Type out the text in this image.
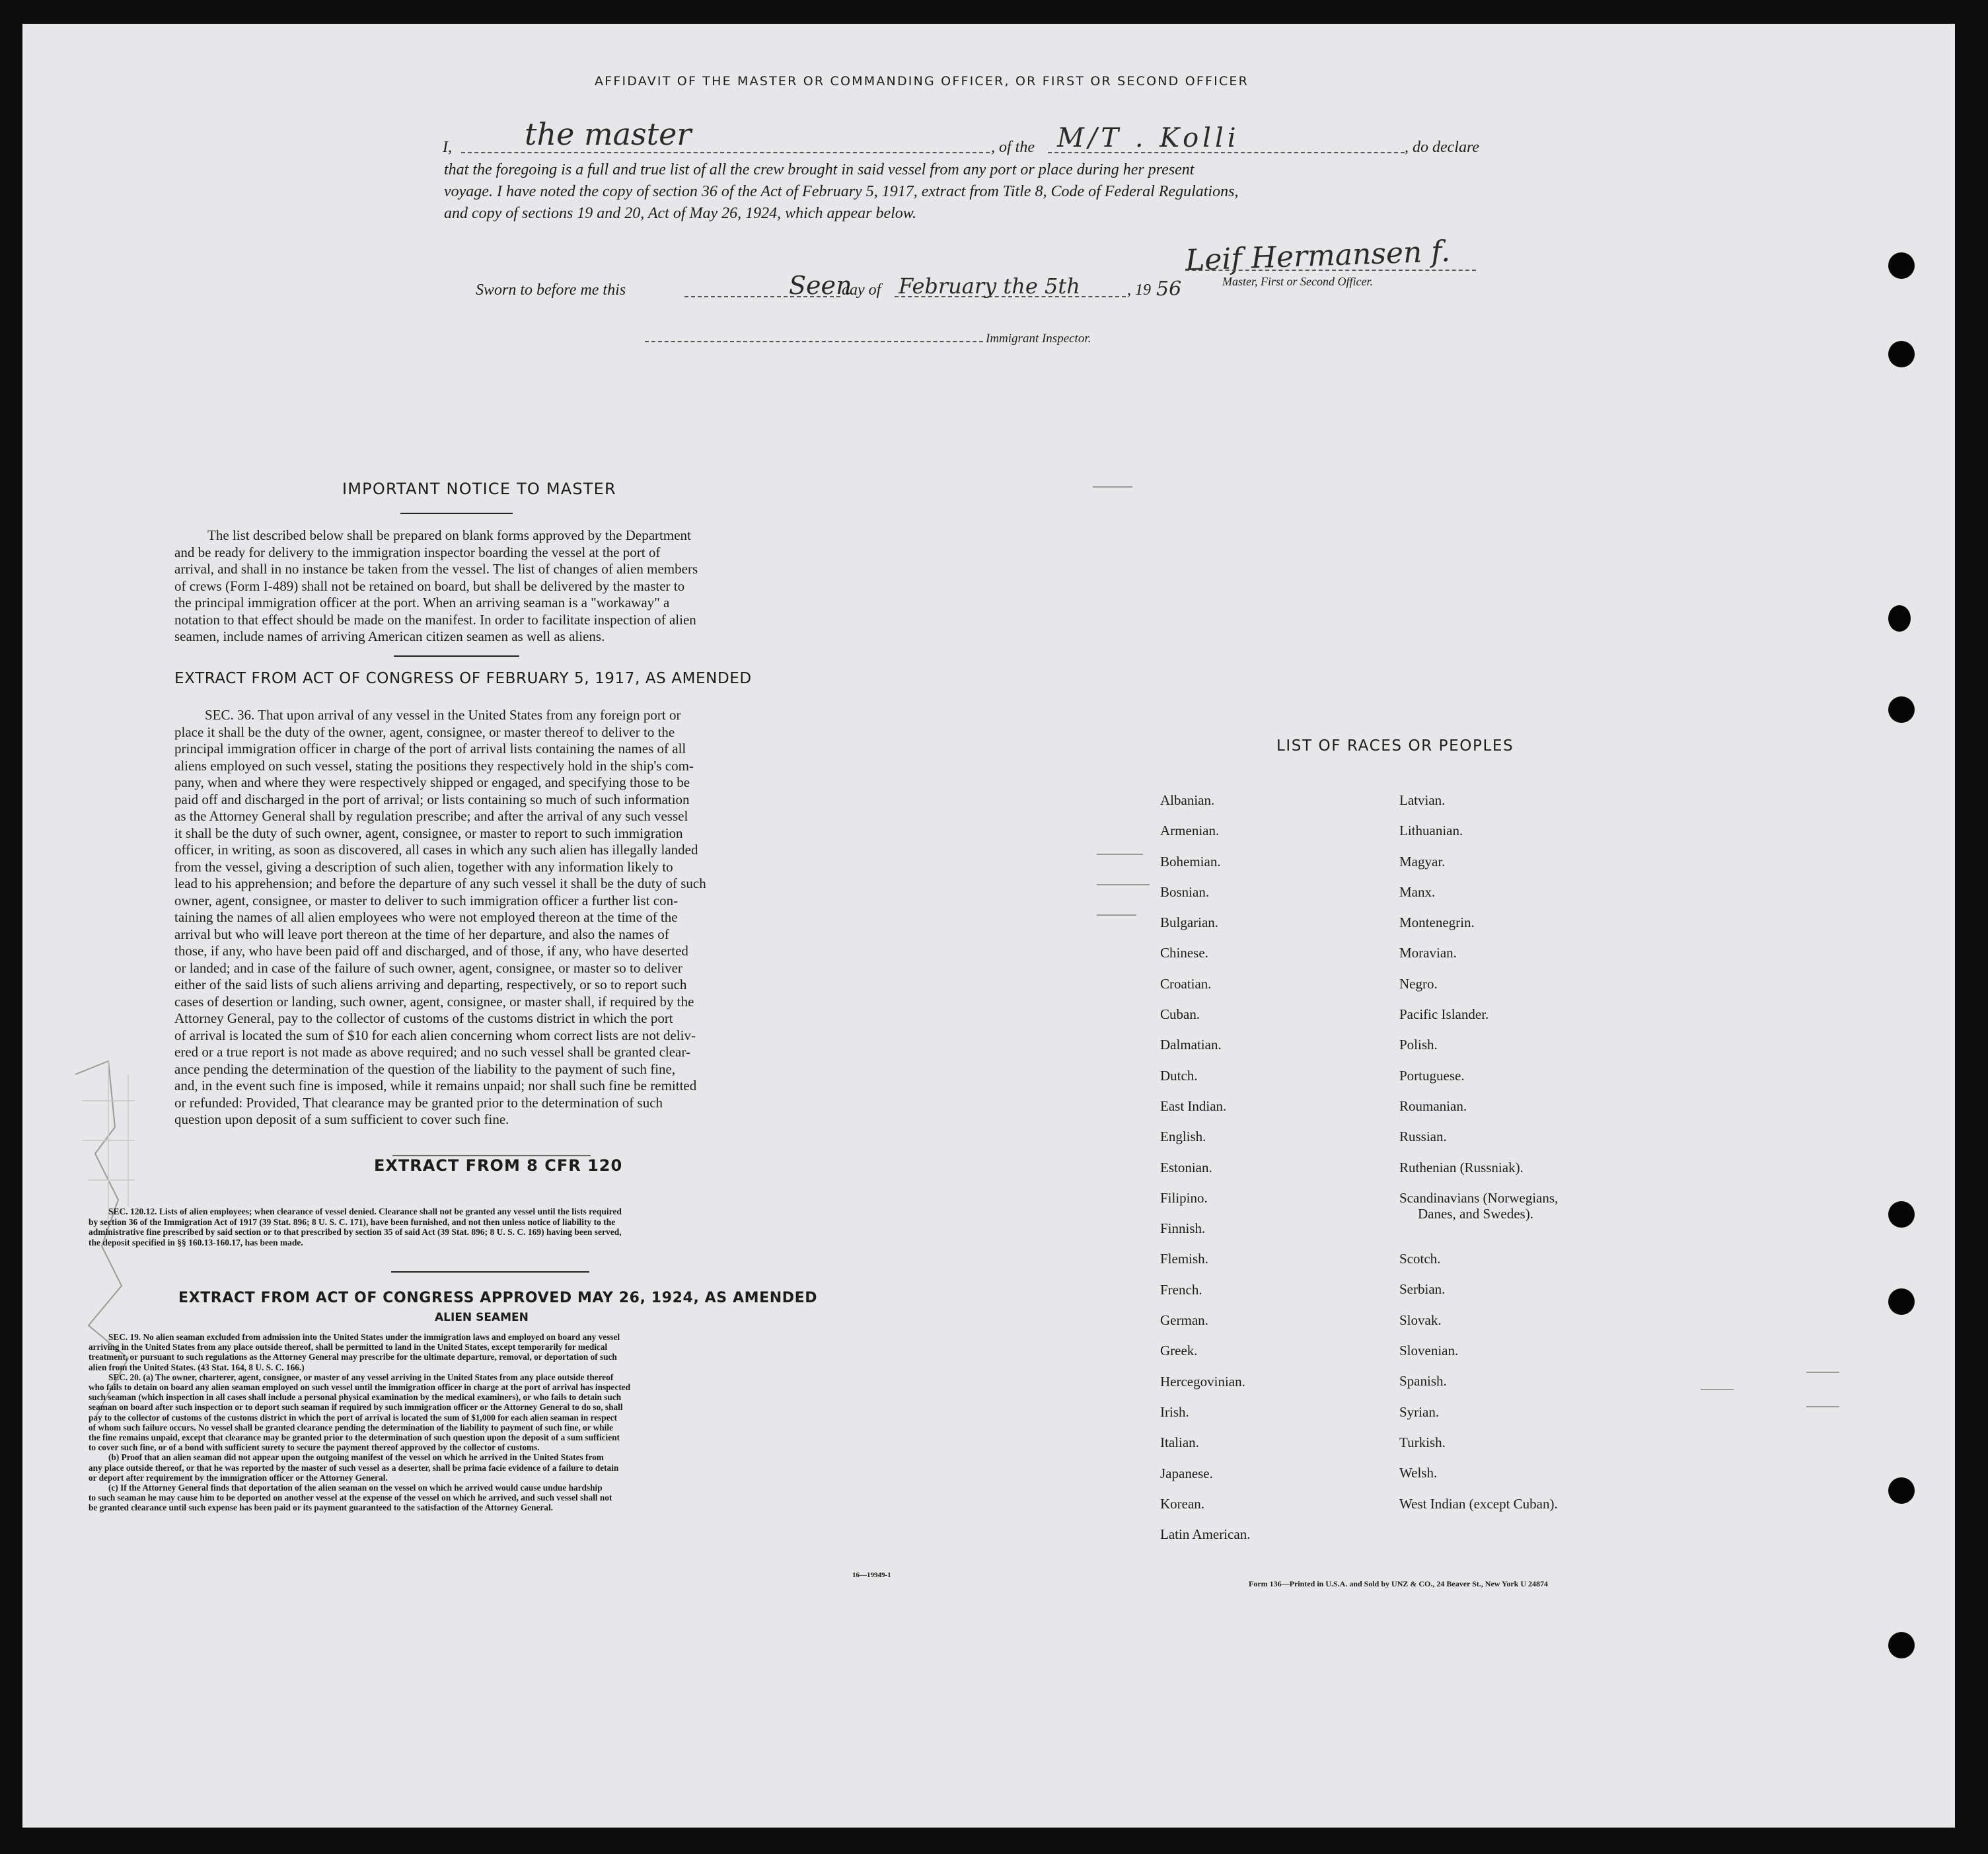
AFFIDAVIT OF THE MASTER OR COMMANDING OFFICER, OR FIRST OR SECOND OFFICER
I, the master	, of the M/T . Kolli	, do declare
that the foregoing is a full and true list of all the crew brought in said vessel from any port or place during her present
voyage. I have noted the copy of section 36 of the Act of February 5, 1917, extract from Title 8, Code of Federal Regulations,
and copy of sections 19 and 20, Act of May 26, 1924, which appear below.
Leif Hermansen f.
Master, First or Second Officer.
Sworn to before me this	Seen
day of February the 5th	, 19 56
Immigrant Inspector.
IMPORTANT NOTICE TO MASTER
The list described below shall be prepared on blank forms approved by the Department
and be ready for delivery to the immigration inspector boarding the vessel at the port of
arrival, and shall in no instance be taken from the vessel. The list of changes of alien members
of crews (Form I-489) shall not be retained on board, but shall be delivered by the master to
the principal immigration officer at the port. When an arriving seaman is a "workaway" a
notation to that effect should be made on the manifest. In order to facilitate inspection of alien
seamen, include names of arriving American citizen seamen as well as aliens.
EXTRACT FROM ACT OF CONGRESS OF FEBRUARY 5, 1917, AS AMENDED
SEC. 36. That upon arrival of any vessel in the United States from any foreign port or
place it shall be the duty of the owner, agent, consignee, or master thereof to deliver to the
principal immigration officer in charge of the port of arrival lists containing the names of all
aliens employed on such vessel, stating the positions they respectively hold in the ship's com-
pany, when and where they were respectively shipped or engaged, and specifying those to be
paid off and discharged in the port of arrival; or lists containing so much of such information
as the Attorney General shall by regulation prescribe; and after the arrival of any such vessel
it shall be the duty of such owner, agent, consignee, or master to report to such immigration
officer, in writing, as soon as discovered, all cases in which any such alien has illegally landed
from the vessel, giving a description of such alien, together with any information likely to
lead to his apprehension; and before the departure of any such vessel it shall be the duty of such
owner, agent, consignee, or master to deliver to such immigration officer a further list con-
taining the names of all alien employees who were not employed thereon at the time of the
arrival but who will leave port thereon at the time of her departure, and also the names of
those, if any, who have been paid off and discharged, and of those, if any, who have deserted
or landed; and in case of the failure of such owner, agent, consignee, or master so to deliver
either of the said lists of such aliens arriving and departing, respectively, or so to report such
cases of desertion or landing, such owner, agent, consignee, or master shall, if required by the
Attorney General, pay to the collector of customs of the customs district in which the port
of arrival is located the sum of $10 for each alien concerning whom correct lists are not deliv-
ered or a true report is not made as above required; and no such vessel shall be granted clear-
ance pending the determination of the question of the liability to the payment of such fine,
and, in the event such fine is imposed, while it remains unpaid; nor shall such fine be remitted
or refunded: Provided, That clearance may be granted prior to the determination of such
question upon deposit of a sum sufficient to cover such fine.
EXTRACT FROM 8 CFR 120
SEC. 120.12. Lists of alien employees; when clearance of vessel denied. Clearance shall not be granted any vessel until the lists required
by section 36 of the Immigration Act of 1917 (39 Stat. 896; 8 U. S. C. 171), have been furnished, and not then unless notice of liability to the
administrative fine prescribed by said section or to that prescribed by section 35 of said Act (39 Stat. 896; 8 U. S. C. 169) having been served,
the deposit specified in §§ 160.13-160.17, has been made.
EXTRACT FROM ACT OF CONGRESS APPROVED MAY 26, 1924, AS AMENDED
ALIEN SEAMEN
SEC. 19. No alien seaman excluded from admission into the United States under the immigration laws and employed on board any vessel
arriving in the United States from any place outside thereof, shall be permitted to land in the United States, except temporarily for medical
treatment, or pursuant to such regulations as the Attorney General may prescribe for the ultimate departure, removal, or deportation of such
alien from the United States. (43 Stat. 164, 8 U. S. C. 166.)
SEC. 20. (a) The owner, charterer, agent, consignee, or master of any vessel arriving in the United States from any place outside thereof
who fails to detain on board any alien seaman employed on such vessel until the immigration officer in charge at the port of arrival has inspected
such seaman (which inspection in all cases shall include a personal physical examination by the medical examiners), or who fails to detain such
seaman on board after such inspection or to deport such seaman if required by such immigration officer or the Attorney General to do so, shall
pay to the collector of customs of the customs district in which the port of arrival is located the sum of $1,000 for each alien seaman in respect
of whom such failure occurs. No vessel shall be granted clearance pending the determination of the liability to payment of such fine, or while
the fine remains unpaid, except that clearance may be granted prior to the determination of such question upon the deposit of a sum sufficient
to cover such fine, or of a bond with sufficient surety to secure the payment thereof approved by the collector of customs.
(b) Proof that an alien seaman did not appear upon the outgoing manifest of the vessel on which he arrived in the United States from
any place outside thereof, or that he was reported by the master of such vessel as a deserter, shall be prima facie evidence of a failure to detain
or deport after requirement by the immigration officer or the Attorney General.
(c) If the Attorney General finds that deportation of the alien seaman on the vessel on which he arrived would cause undue hardship
to such seaman he may cause him to be deported on another vessel at the expense of the vessel on which he arrived, and such vessel shall not
be granted clearance until such expense has been paid or its payment guaranteed to the satisfaction of the Attorney General.
16—19949-1
LIST OF RACES OR PEOPLES
Albanian.
Armenian.
Bohemian.
Bosnian.
Bulgarian.
Chinese.
Croatian.
Cuban.
Dalmatian.
Dutch.
East Indian.
English.
Estonian.
Filipino.
Finnish.
Flemish.
French.
German.
Greek.
Hercegovinian.
Irish.
Italian.
Japanese.
Korean.
Latin American.
Latvian.
Lithuanian.
Magyar.
Manx.
Montenegrin.
Moravian.
Negro.
Pacific Islander.
Polish.
Portuguese.
Roumanian.
Russian.
Ruthenian (Russniak).
Scandinavians (Norwegians,
Danes, and Swedes).
Scotch.
Serbian.
Slovak.
Slovenian.
Spanish.
Syrian.
Turkish.
Welsh.
West Indian (except Cuban).
Form 136—Printed in U.S.A. and Sold by UNZ & CO., 24 Beaver St., New York U 24874
